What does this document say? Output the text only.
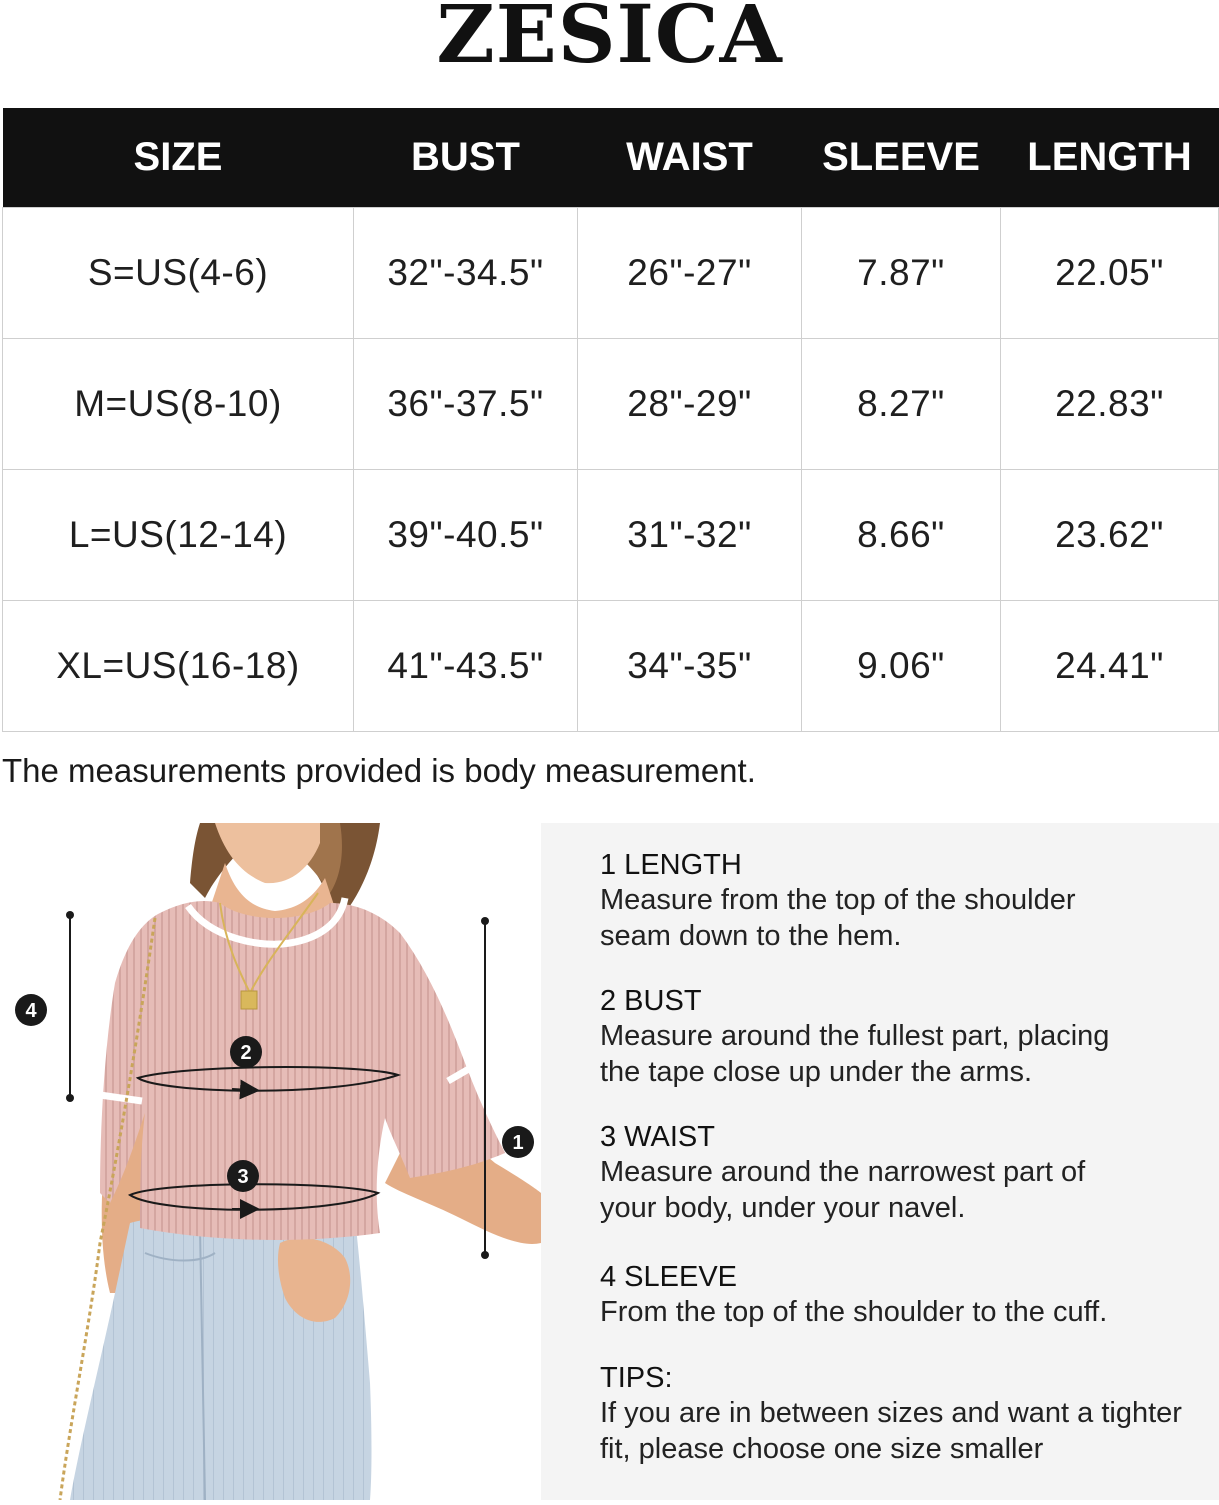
ZESICA
SIZE	BUST	WAIST	SLEEVE	LENGTH
S=US(4-6)	32"-34.5"	26"-27"	7.87"	22.05"
M=US(8-10)	36"-37.5"	28"-29"	8.27"	22.83"
L=US(12-14)	39"-40.5"	31"-32"	8.66"	23.62"
XL=US(16-18)	41"-43.5"	34"-35"	9.06"	24.41"
The measurements provided is body measurement.
4
2
3
1
1 LENGTH
Measure from the top of the shoulder
seam down to the hem.
2 BUST
Measure around the fullest part, placing
the tape close up under the arms.
3 WAIST
Measure around the narrowest part of
your body, under your navel.
4 SLEEVE
From the top of the shoulder to the cuff.
TIPS:
If you are in between sizes and want a tighter
fit, please choose one size smaller
